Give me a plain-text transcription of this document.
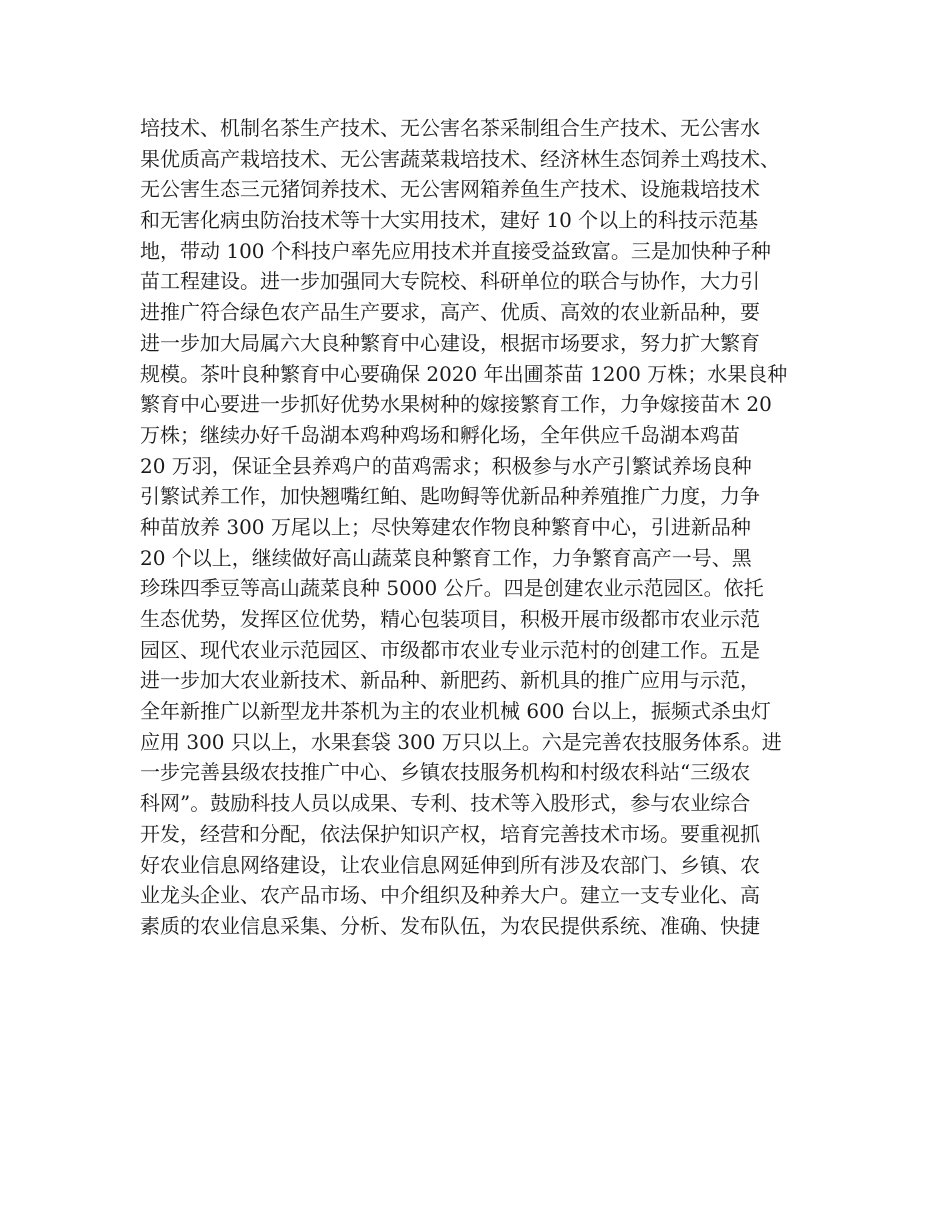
培技术、机制名茶生产技术、无公害名茶采制组合生产技术、无公害水
果优质高产栽培技术、无公害蔬菜栽培技术、经济林生态饲养土鸡技术、
无公害生态三元猪饲养技术、无公害网箱养鱼生产技术、设施栽培技术
和无害化病虫防治技术等十大实用技术，建好 10 个以上的科技示范基
地，带动 100 个科技户率先应用技术并直接受益致富。三是加快种子种
苗工程建设。进一步加强同大专院校、科研单位的联合与协作，大力引
进推广符合绿色农产品生产要求，高产、优质、高效的农业新品种，要
进一步加大局属六大良种繁育中心建设，根据市场要求，努力扩大繁育
规模。茶叶良种繁育中心要确保 2020 年出圃茶苗 1200 万株；水果良种
繁育中心要进一步抓好优势水果树种的嫁接繁育工作，力争嫁接苗木 20
万株；继续办好千岛湖本鸡种鸡场和孵化场，全年供应千岛湖本鸡苗
20 万羽，保证全县养鸡户的苗鸡需求；积极参与水产引繁试养场良种
引繁试养工作，加快翘嘴红鲌、匙吻鲟等优新品种养殖推广力度，力争
种苗放养 300 万尾以上；尽快筹建农作物良种繁育中心，引进新品种
20 个以上，继续做好高山蔬菜良种繁育工作，力争繁育高产一号、黑
珍珠四季豆等高山蔬菜良种 5000 公斤。四是创建农业示范园区。依托
生态优势，发挥区位优势，精心包装项目，积极开展市级都市农业示范
园区、现代农业示范园区、市级都市农业专业示范村的创建工作。五是
进一步加大农业新技术、新品种、新肥药、新机具的推广应用与示范，
全年新推广以新型龙井茶机为主的农业机械 600 台以上，振频式杀虫灯
应用 300 只以上，水果套袋 300 万只以上。六是完善农技服务体系。进
一步完善县级农技推广中心、乡镇农技服务机构和村级农科站“三级农
科网”。鼓励科技人员以成果、专利、技术等入股形式，参与农业综合
开发，经营和分配，依法保护知识产权，培育完善技术市场。要重视抓
好农业信息网络建设，让农业信息网延伸到所有涉及农部门、乡镇、农
业龙头企业、农产品市场、中介组织及种养大户。建立一支专业化、高
素质的农业信息采集、分析、发布队伍，为农民提供系统、准确、快捷
